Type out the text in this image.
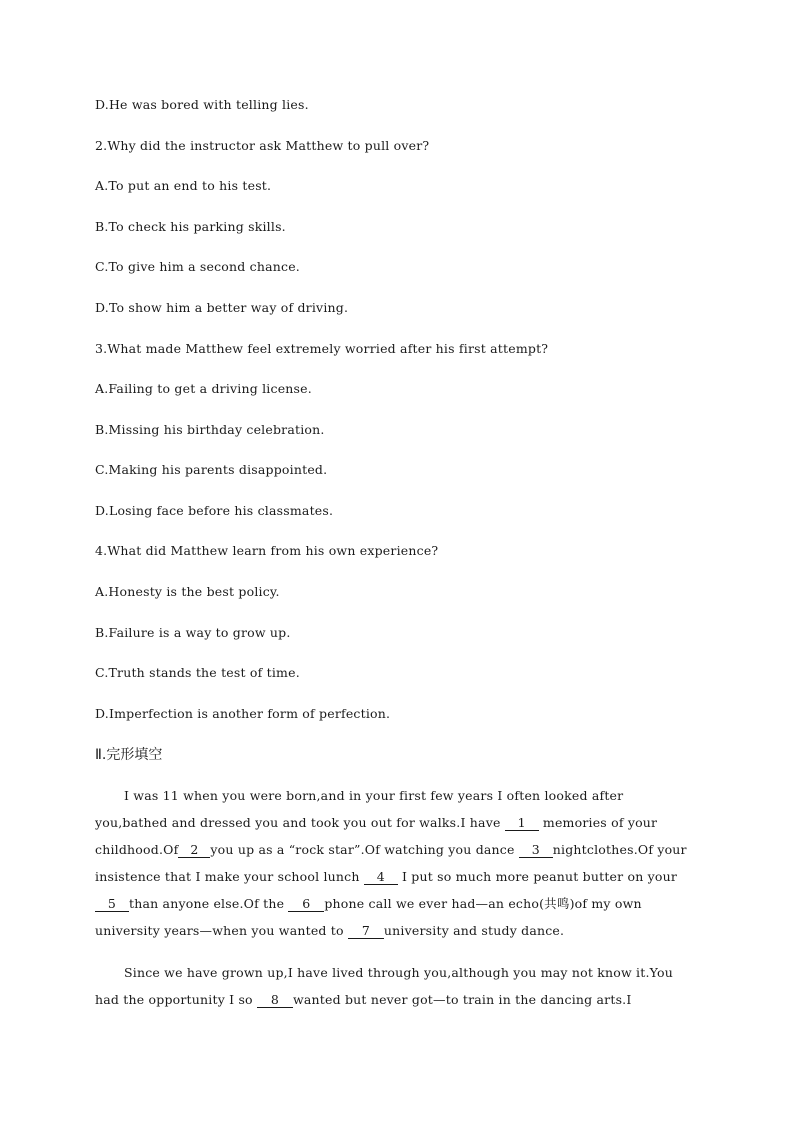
D.He was bored with telling lies.
2.Why did the instructor ask Matthew to pull over?
A.To put an end to his test.
B.To check his parking skills.
C.To give him a second chance.
D.To show him a better way of driving.
3.What made Matthew feel extremely worried after his first attempt?
A.Failing to get a driving license.
B.Missing his birthday celebration.
C.Making his parents disappointed.
D.Losing face before his classmates.
4.What did Matthew learn from his own experience?
A.Honesty is the best policy.
B.Failure is a way to grow up.
C.Truth stands the test of time.
D.Imperfection is another form of perfection.
Ⅱ.完形填空

I was 11 when you were born,and in your first few years I often looked after you,bathed and dressed you and took you out for walks.I have 1 memories of your childhood.Of 2 you up as a “rock star”.Of watching you dance 3 nightclothes.Of your insistence that I make your school lunch 4 I put so much more peanut butter on your 5 than anyone else.Of the 6 phone call we ever had—an echo(共鸣)of my own university years—when you wanted to 7 university and study dance.

Since we have grown up,I have lived through you,although you may not know it.You had the opportunity I so 8 wanted but never got—to train in the dancing arts.I
